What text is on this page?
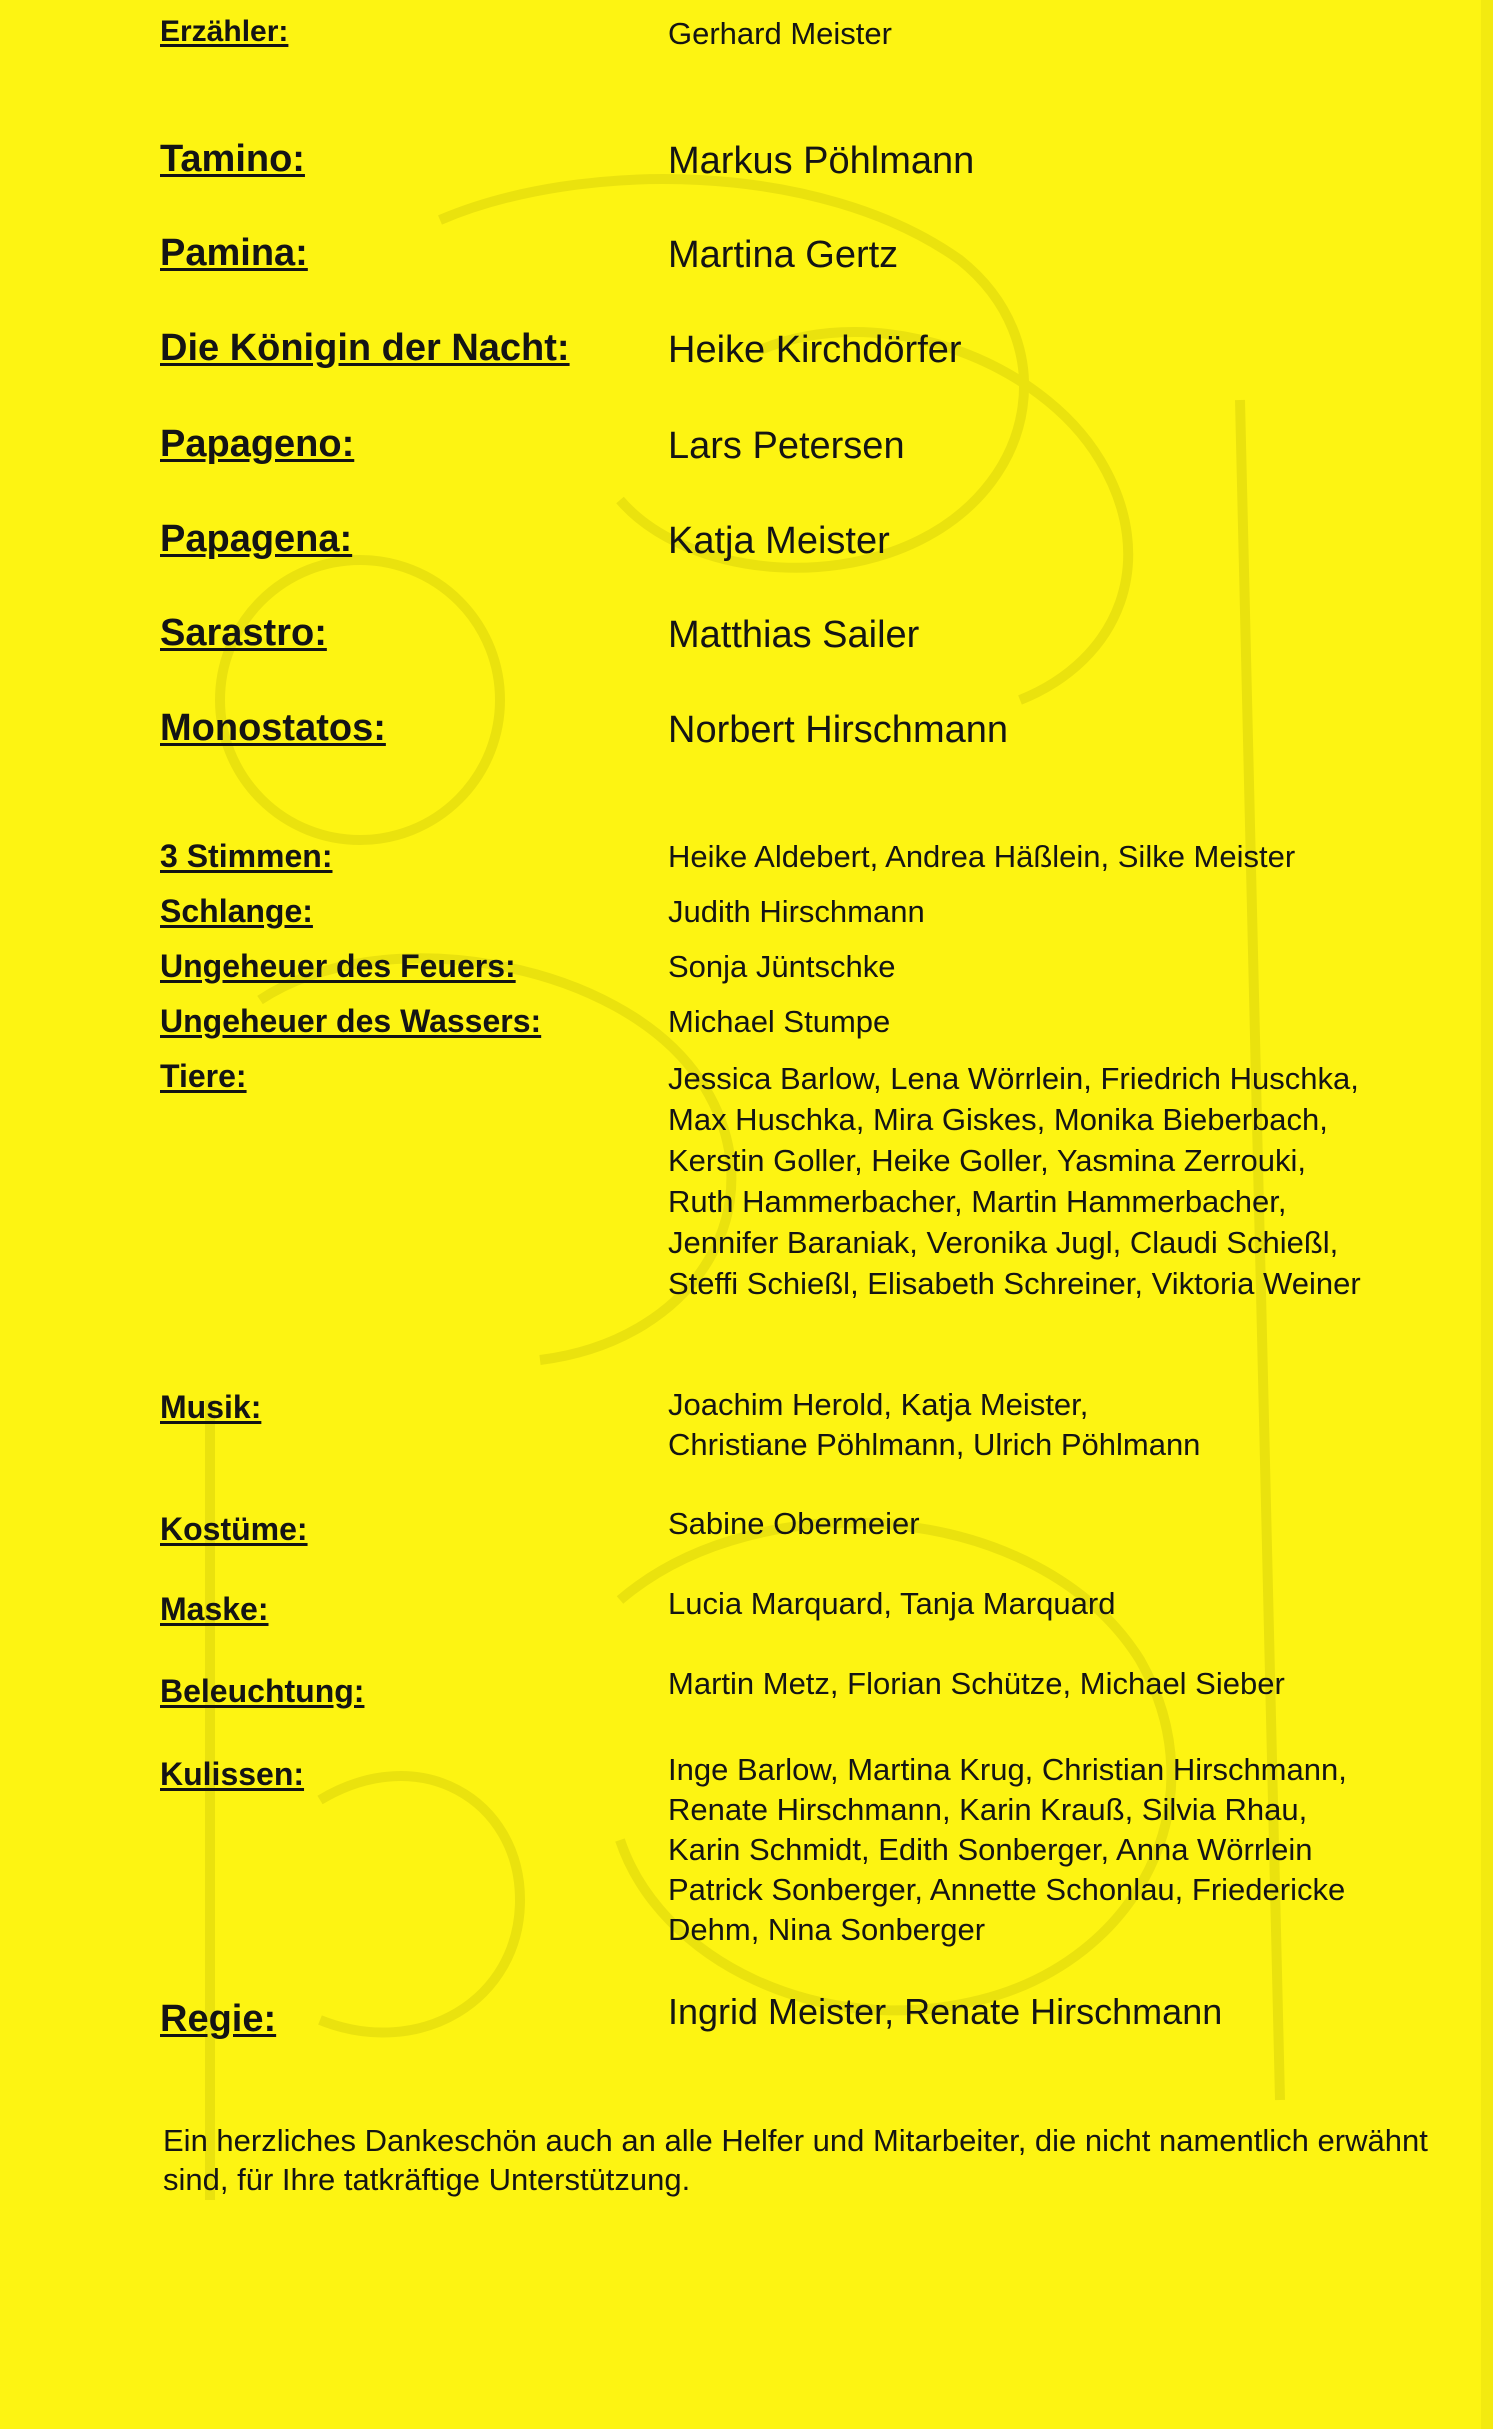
Erzähler:	Gerhard Meister
Tamino:	Markus Pöhlmann
Pamina:	Martina Gertz
Die Königin der Nacht:	Heike Kirchdörfer
Papageno:	Lars Petersen
Papagena:	Katja Meister
Sarastro:	Matthias Sailer
Monostatos:	Norbert Hirschmann
3 Stimmen:	Heike Aldebert, Andrea Häßlein, Silke Meister
Schlange:	Judith Hirschmann
Ungeheuer des Feuers:	Sonja Jüntschke
Ungeheuer des Wassers:	Michael Stumpe
Tiere:	Jessica Barlow, Lena Wörrlein, Friedrich Huschka,
Max Huschka, Mira Giskes, Monika Bieberbach,
Kerstin Goller, Heike Goller, Yasmina Zerrouki,
Ruth Hammerbacher, Martin Hammerbacher,
Jennifer Baraniak, Veronika Jugl, Claudi Schießl,
Steffi Schießl, Elisabeth Schreiner, Viktoria Weiner
Musik:	Joachim Herold, Katja Meister,
Christiane Pöhlmann, Ulrich Pöhlmann
Kostüme:	Sabine Obermeier
Maske:	Lucia Marquard, Tanja Marquard
Beleuchtung:	Martin Metz, Florian Schütze, Michael Sieber
Kulissen:	Inge Barlow, Martina Krug, Christian Hirschmann,
Renate Hirschmann, Karin Krauß, Silvia Rhau,
Karin Schmidt, Edith Sonberger, Anna Wörrlein
Patrick Sonberger, Annette Schonlau, Friedericke
Dehm, Nina Sonberger
Regie:	Ingrid Meister, Renate Hirschmann
Ein herzliches Dankeschön auch an alle Helfer und Mitarbeiter, die nicht namentlich erwähnt sind, für Ihre tatkräftige Unterstützung.
